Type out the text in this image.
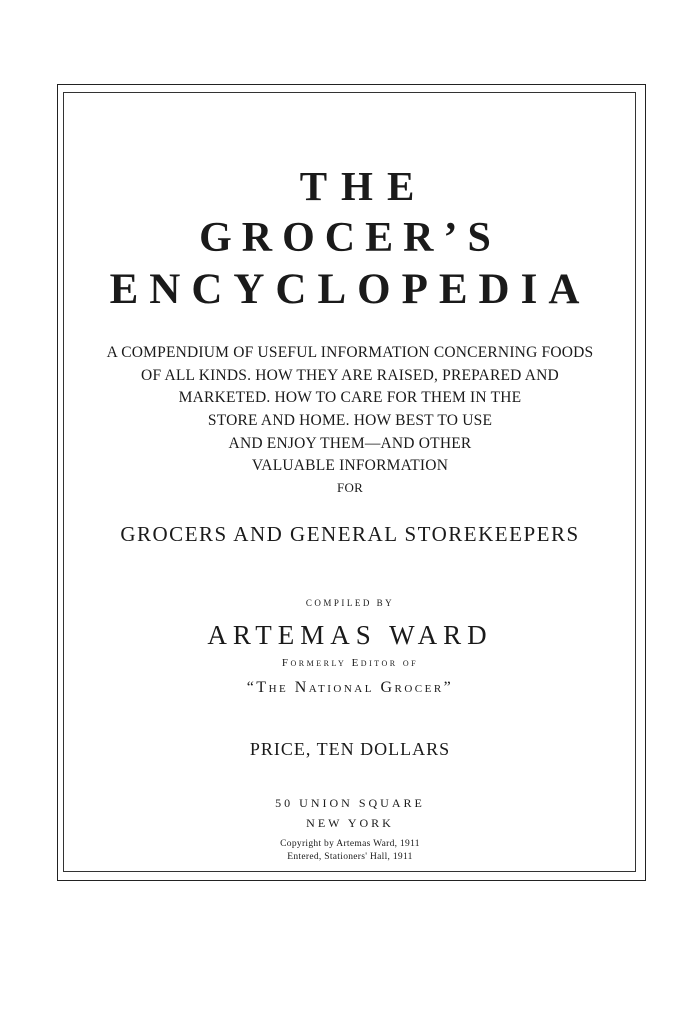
THE
GROCER’S
ENCYCLOPEDIA

A COMPENDIUM OF USEFUL INFORMATION CONCERNING FOODS

OF ALL KINDS. HOW THEY ARE RAISED, PREPARED AND

MARKETED. HOW TO CARE FOR THEM IN THE

STORE AND HOME. HOW BEST TO USE

AND ENJOY THEM—AND OTHER

VALUABLE INFORMATION

FOR

GROCERS AND GENERAL STOREKEEPERS

COMPILED BY

ARTEMAS WARD

Formerly Editor of

“The National Grocer”

PRICE, TEN DOLLARS

50 UNION SQUARE

NEW YORK

Copyright by Artemas Ward, 1911

Entered, Stationers' Hall, 1911
